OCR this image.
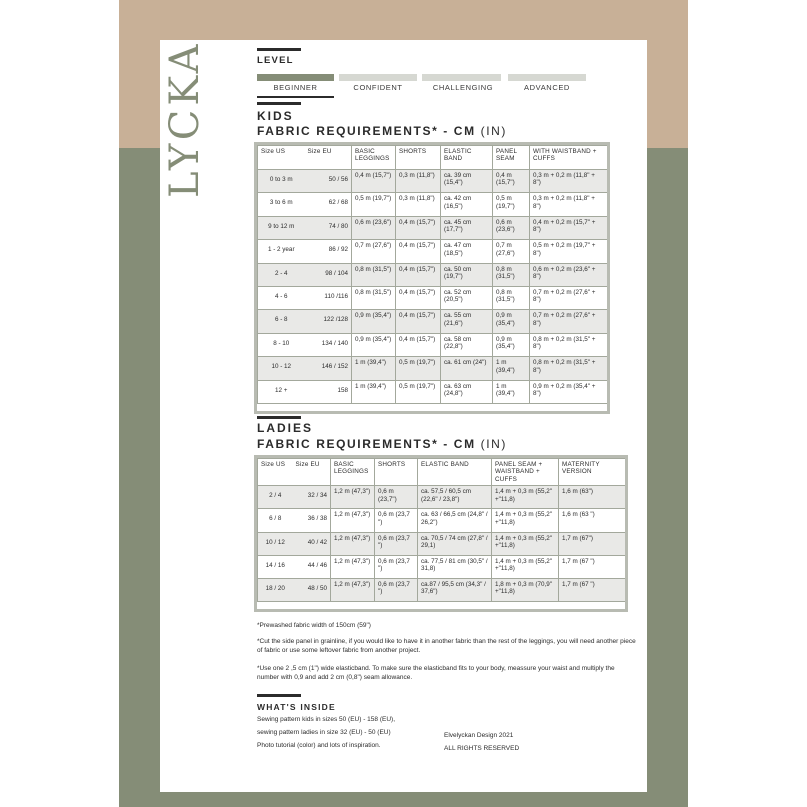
LYCKA	LEVEL
BEGINNER	CONFIDENT	CHALLENGING	ADVANCED
KIDS
FABRIC REQUIREMENTS* - CM (IN)
Size US	Size EU	BASIC LEGGINGS	SHORTS	ELASTIC BAND	PANEL SEAM	WITH WAISTBAND + CUFFS
0 to 3 m	50 / 56	0,4 m (15,7")	0,3 m (11,8")	ca. 39 cm (15,4")	0,4 m (15,7")	0,3 m + 0,2 m (11,8" + 8")
3 to 6 m	62 / 68	0,5 m (19,7")	0,3 m (11,8")	ca. 42 cm (16,5")	0,5 m (19,7")	0,3 m + 0,2 m (11,8" + 8")
9 to 12 m	74 / 80	0,6 m (23,6")	0,4 m (15,7")	ca. 45 cm (17,7")	0,6 m (23,6")	0,4 m + 0,2 m (15,7" + 8")
1 - 2 year	86 / 92	0,7 m (27,6")	0,4 m (15,7")	ca. 47 cm (18,5")	0,7 m (27,6")	0,5 m + 0,2 m (19,7" + 8")
2 - 4	98 / 104	0,8 m (31,5")	0,4 m (15,7")	ca. 50 cm (19,7")	0,8 m (31,5")	0,6 m + 0,2 m (23,6" + 8")
4 - 6	110 /116	0,8 m (31,5")	0,4 m (15,7")	ca. 52 cm (20,5")	0,8 m (31,5")	0,7 m + 0,2 m (27,6" + 8")
6 - 8	122 /128	0,9 m (35,4")	0,4 m (15,7")	ca. 55 cm (21,6")	0,9 m (35,4")	0,7 m + 0,2 m (27,6" + 8")
8 - 10	134 / 140	0,9 m (35,4")	0,4 m (15,7")	ca. 58 cm (22,8")	0,9 m (35,4")	0,8 m + 0,2 m (31,5" + 8")
10 - 12	146 / 152	1 m (39,4")	0,5 m (19,7")	ca. 61 cm (24")	1 m (39,4")	0,8 m + 0,2 m (31,5" + 8")
12 +	158	1 m (39,4")	0,5 m (19,7")	ca. 63 cm (24,8")	1 m (39,4")	0,9 m + 0,2 m (35,4" + 8")
LADIES
FABRIC REQUIREMENTS* - CM (IN)
Size US	Size EU	BASIC LEGGINGS	SHORTS	ELASTIC BAND	PANEL SEAM + WAISTBAND + CUFFS	MATERNITY VERSION
2 / 4	32 / 34	1,2 m (47,3")	0,6 m (23,7")	ca. 57,5 / 60,5 cm (22,6" / 23,8")	1,4 m + 0,3 m (55,2" +"11,8)	1,6 m (63")
6 / 8	36 / 38	1,2 m (47,3")	0,6 m (23,7 ")	ca. 63 / 66,5 cm (24,8" / 26,2")	1,4 m + 0,3 m (55,2" +"11,8)	1,6 m (63 ")
10 / 12	40 / 42	1,2 m (47,3")	0,6 m (23,7 ")	ca. 70,5 / 74 cm (27,8" / 29,1)	1,4 m + 0,3 m (55,2" +"11,8)	1,7 m (67")
14 / 16	44 / 46	1,2 m (47,3")	0,6 m (23,7 ")	ca. 77,5 / 81 cm (30,5" / 31,8)	1,4 m + 0,3 m (55,2" +"11,8)	1,7 m (67 ")
18 / 20	48 / 50	1,2 m (47,3")	0,6 m (23,7 ")	ca.87 / 95,5 cm (34,3" / 37,6")	1,8 m + 0,3 m (70,9" +"11,8)	1,7 m (67 ")
*Prewashed fabric width of 150cm (59")
*Cut the side panel in grainline, if you would like to have it in another fabric than the rest of the leggings, you will need another piece of fabric or use some leftover fabric from another project.
*Use one 2 ,5 cm (1") wide elasticband. To make sure the elasticband fits to your body, meassure your waist and multiply the number with 0,9 and add 2 cm (0,8") seam allowance.
WHAT'S INSIDE
Sewing pattern kids in sizes 50 (EU) - 158 (EU),
sewing pattern ladies in size 32 (EU) - 50 (EU)
Photo tutorial (color) and lots of inspiration.
Elvelyckan Design 2021
ALL RIGHTS RESERVED
